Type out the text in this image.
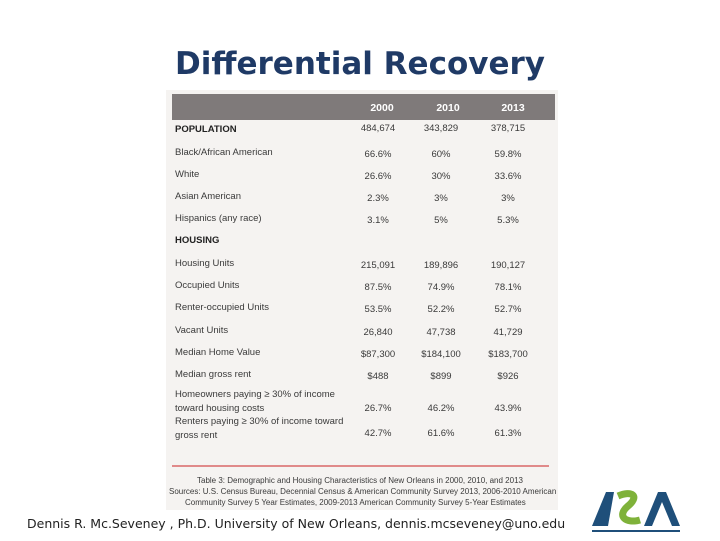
Differential Recovery
2000	2010	2013
POPULATION	484,674	343,829	378,715
Black/African American	66.6%	60%	59.8%
White	26.6%	30%	33.6%
Asian American	2.3%	3%	3%
Hispanics (any race)	3.1%	5%	5.3%
HOUSING
Housing Units	215,091	189,896	190,127
Occupied Units	87.5%	74.9%	78.1%
Renter-occupied Units	53.5%	52.2%	52.7%
Vacant Units	26,840	47,738	41,729
Median Home Value	$87,300	$184,100	$183,700
Median gross rent	$488	$899	$926
Homeowners paying ≥ 30% of income
toward housing costs	26.7%	46.2%	43.9%
Renters paying ≥ 30% of income toward
gross rent	42.7%	61.6%	61.3%
Table 3: Demographic and Housing Characteristics of New Orleans in 2000, 2010, and 2013
Sources: U.S. Census Bureau, Decennial Census & American Community Survey 2013, 2006-2010 American
Community Survey 5 Year Estimates, 2009-2013 American Community Survey 5-Year Estimates
Dennis R. Mc.Seveney , Ph.D. University of New Orleans, dennis.mcseveney@uno.edu
